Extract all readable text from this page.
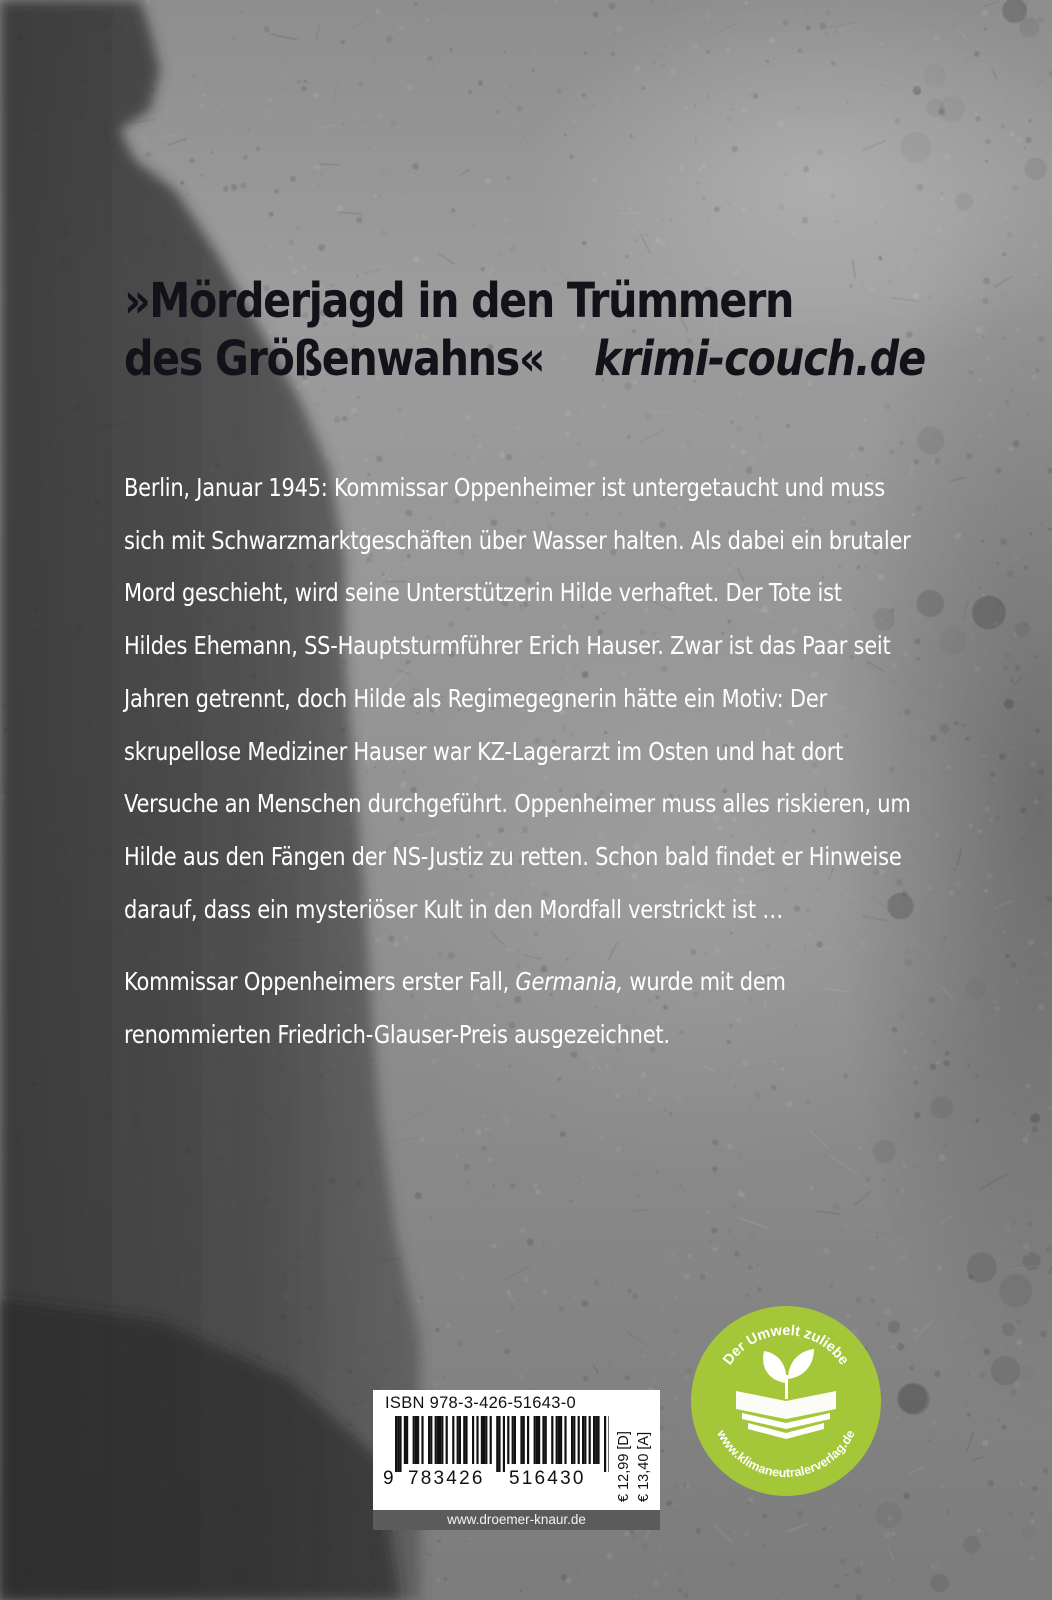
»Mörderjagd in den Trümmern
des Größenwahns« krimi-couch.de
Berlin, Januar 1945: Kommissar Oppenheimer ist untergetaucht und muss
sich mit Schwarzmarktgeschäften über Wasser halten. Als dabei ein brutaler
Mord geschieht, wird seine Unterstützerin Hilde verhaftet. Der Tote ist
Hildes Ehemann, SS-Hauptsturmführer Erich Hauser. Zwar ist das Paar seit
Jahren getrennt, doch Hilde als Regimegegnerin hätte ein Motiv: Der
skrupellose Mediziner Hauser war KZ-Lagerarzt im Osten und hat dort
Versuche an Menschen durchgeführt. Oppenheimer muss alles riskieren, um
Hilde aus den Fängen der NS-Justiz zu retten. Schon bald findet er Hinweise
darauf, dass ein mysteriöser Kult in den Mordfall verstrickt ist …
Kommissar Oppenheimers erster Fall, Germania, wurde mit dem
renommierten Friedrich-Glauser-Preis ausgezeichnet.
ISBN 978-3-426-51643-0
9 783426 516430 € 12,99 [D] € 13,40 [A]
www.droemer-knaur.de
Der Umwelt zuliebe
www.klimaneutralerverlag.de
